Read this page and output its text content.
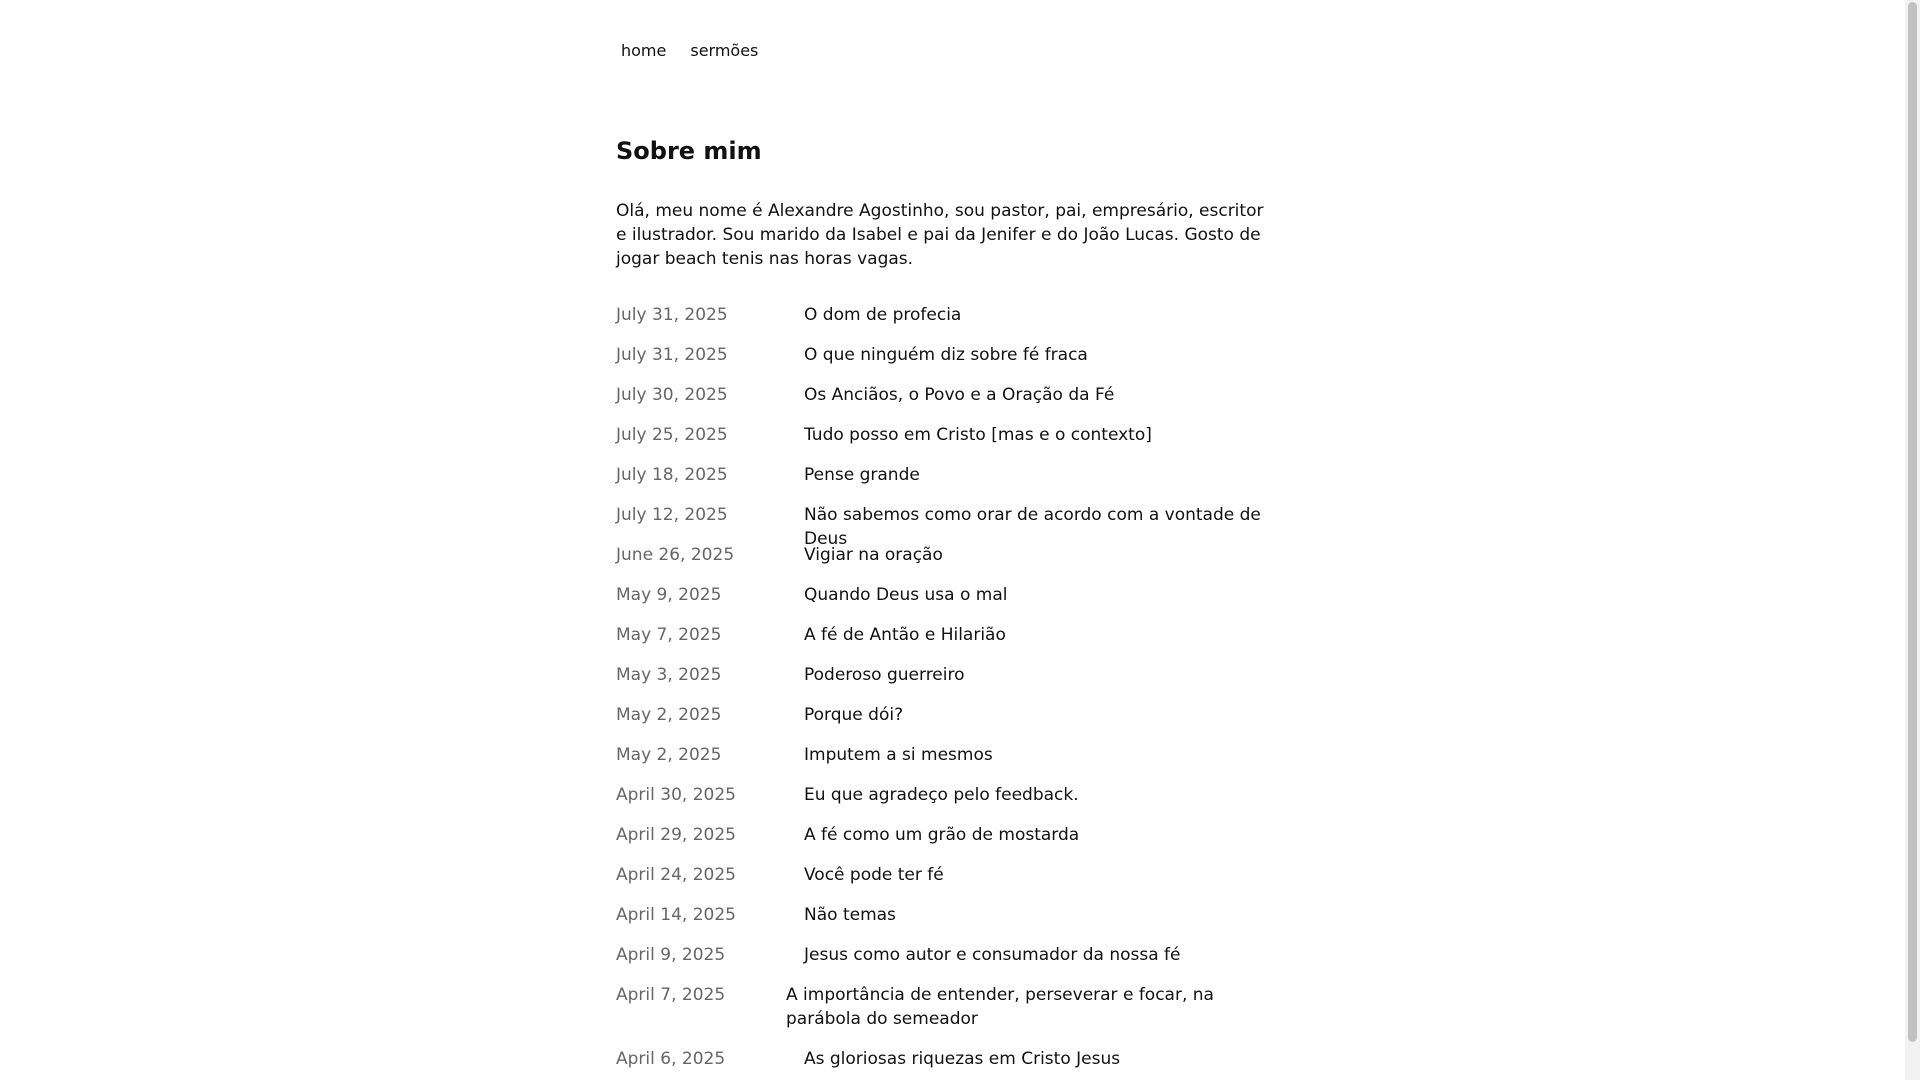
home sermões
Sobre mim

Olá, meu nome é Alexandre Agostinho, sou pastor, pai, empresário, escritor e ilustrador. Sou marido da Isabel e pai da Jenifer e do João Lucas. Gosto de jogar beach tenis nas horas vagas.

July 31, 2025	O dom de profecia
July 31, 2025	O que ninguém diz sobre fé fraca
July 30, 2025	Os Anciãos, o Povo e a Oração da Fé
July 25, 2025	Tudo posso em Cristo [mas e o contexto]
July 18, 2025	Pense grande
July 12, 2025	Não sabemos como orar de acordo com a vontade de Deus
June 26, 2025	Vigiar na oração
May 9, 2025	Quando Deus usa o mal
May 7, 2025	A fé de Antão e Hilarião
May 3, 2025	Poderoso guerreiro
May 2, 2025	Porque dói?
May 2, 2025	Imputem a si mesmos
April 30, 2025	Eu que agradeço pelo feedback.
April 29, 2025	A fé como um grão de mostarda
April 24, 2025	Você pode ter fé
April 14, 2025	Não temas
April 9, 2025	Jesus como autor e consumador da nossa fé
April 7, 2025	A importância de entender, perseverar e focar, na parábola do semeador
April 6, 2025	As gloriosas riquezas em Cristo Jesus
